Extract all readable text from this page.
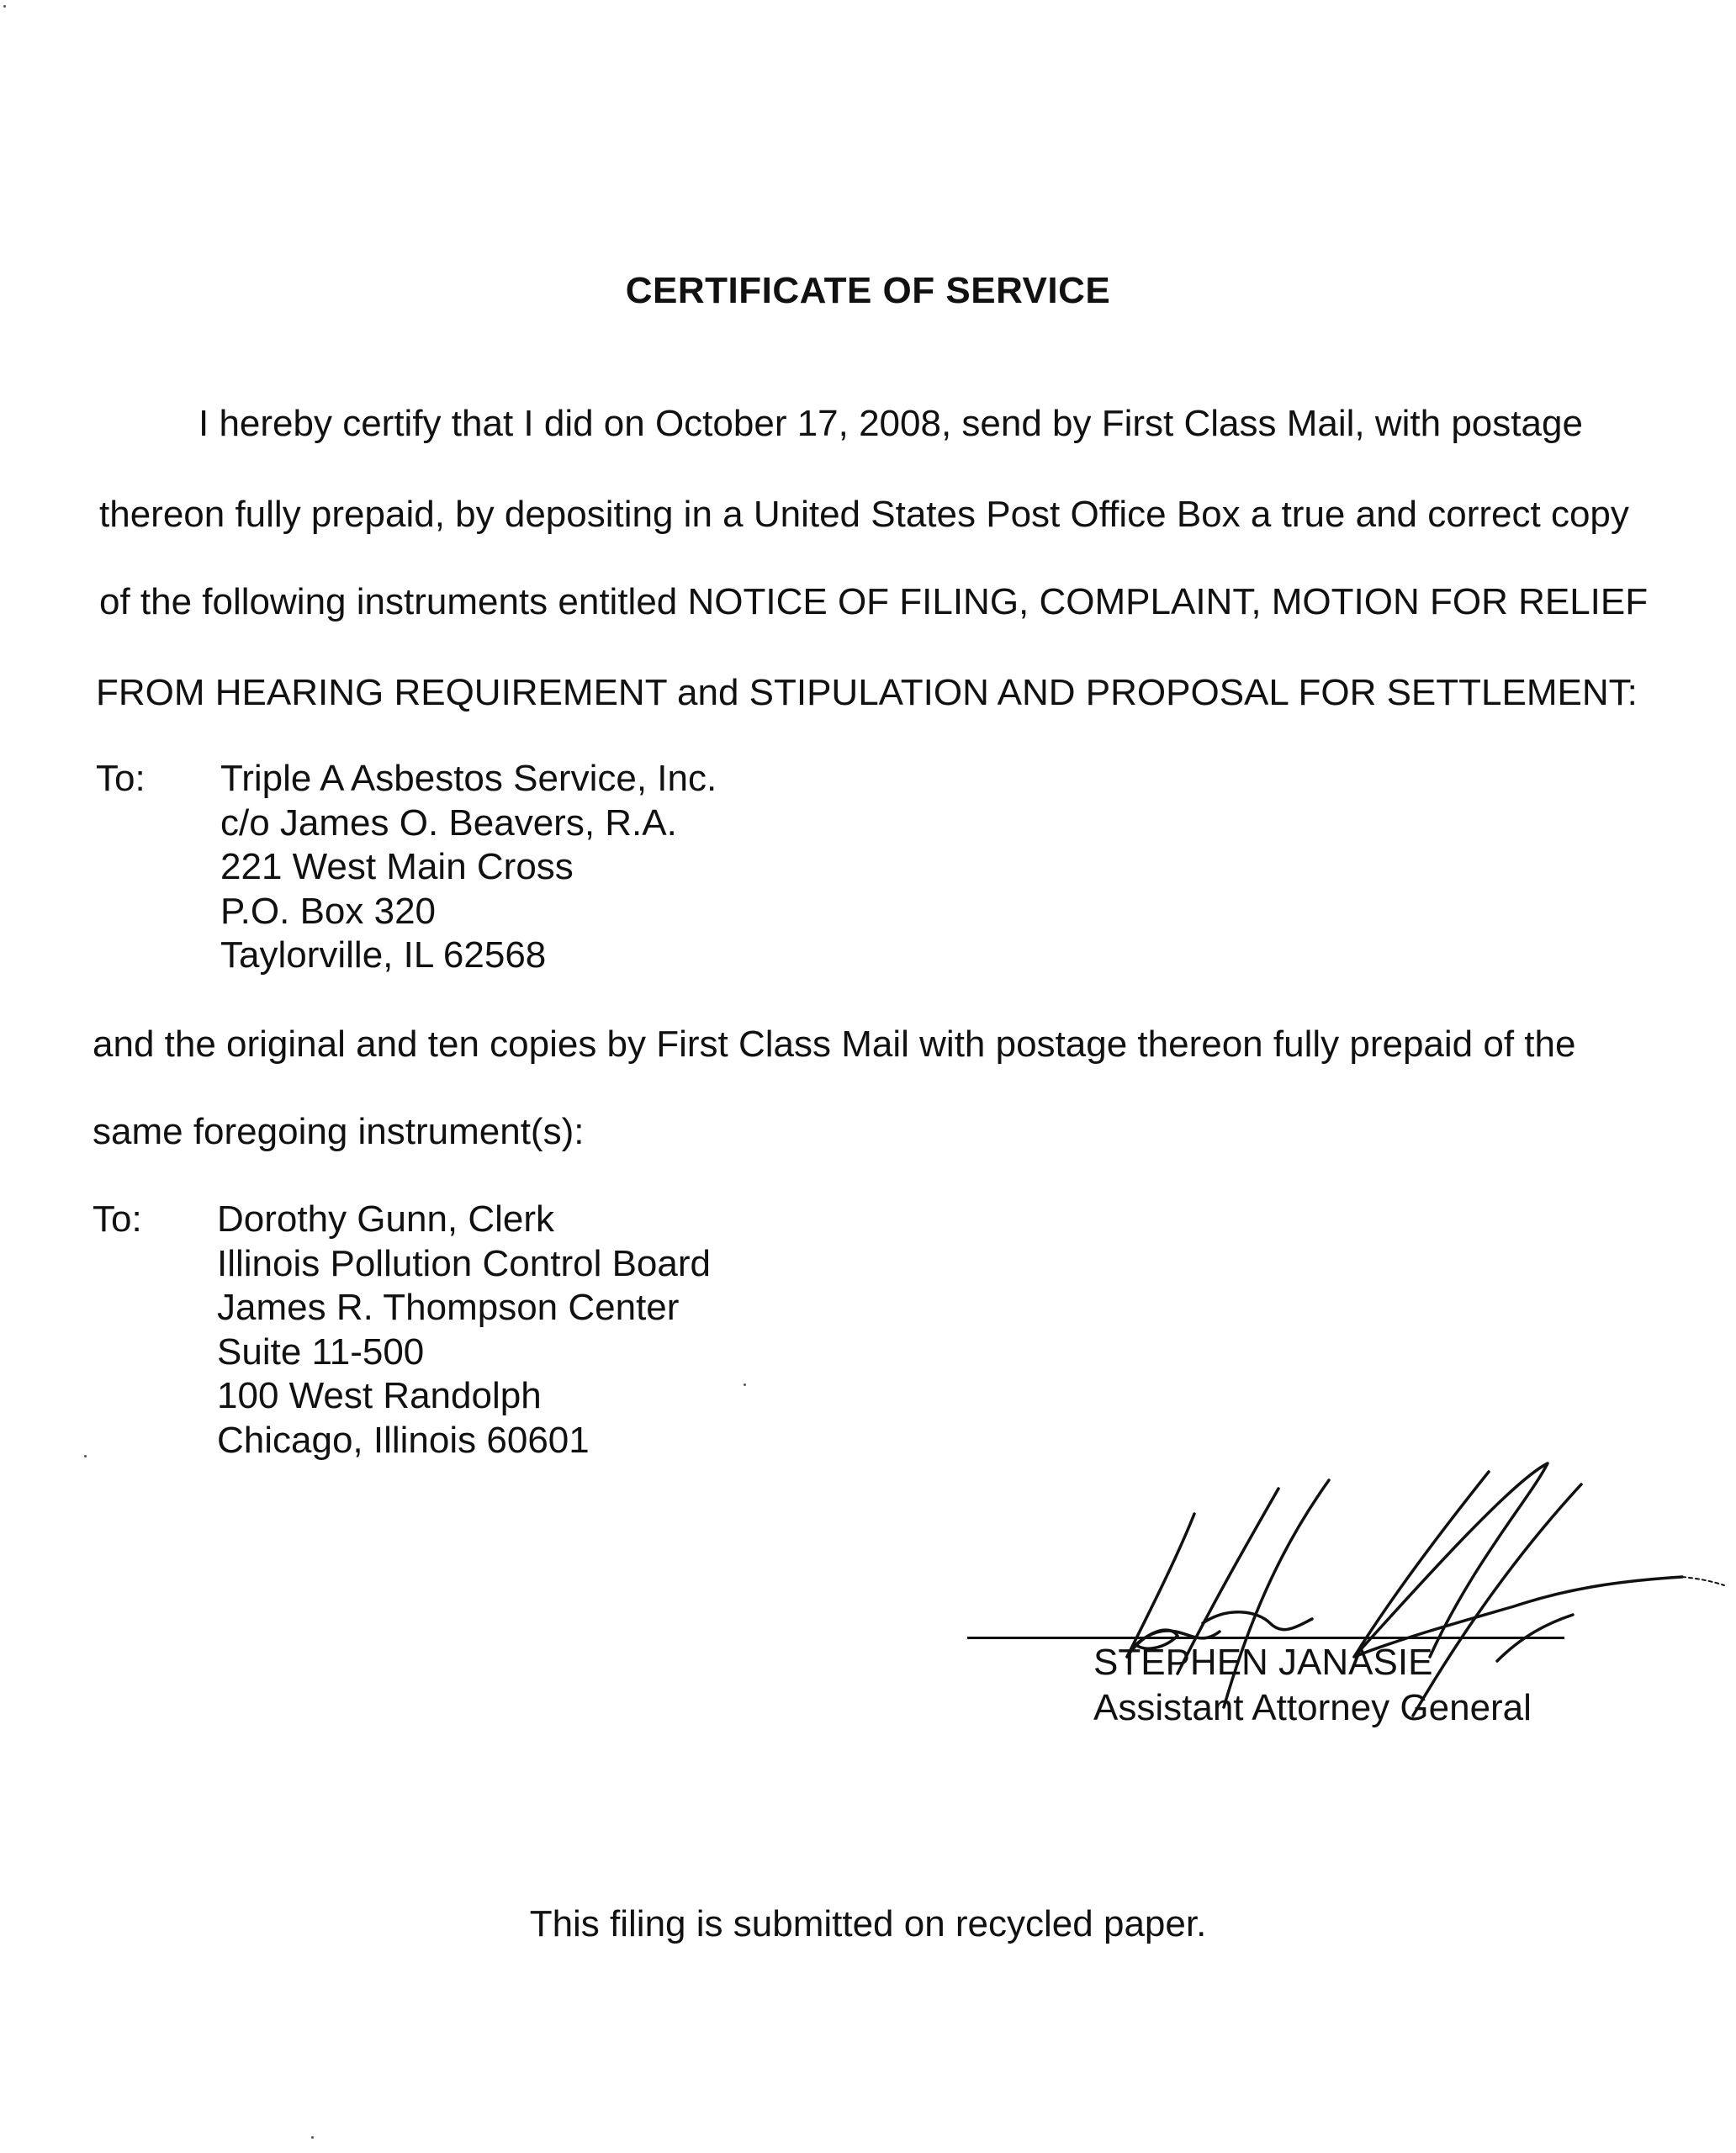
CERTIFICATE OF SERVICE
I hereby certify that I did on October 17, 2008, send by First Class Mail, with postage
thereon fully prepaid, by depositing in a United States Post Office Box a true and correct copy
of the following instruments entitled NOTICE OF FILING, COMPLAINT, MOTION FOR RELIEF
FROM HEARING REQUIREMENT and STIPULATION AND PROPOSAL FOR SETTLEMENT:
To: Triple A Asbestos Service, Inc.
c/o James O. Beavers, R.A.
221 West Main Cross
P.O. Box 320
Taylorville, IL 62568
and the original and ten copies by First Class Mail with postage thereon fully prepaid of the
same foregoing instrument(s):
To: Dorothy Gunn, Clerk
Illinois Pollution Control Board
James R. Thompson Center
Suite 11-500
100 West Randolph
Chicago, Illinois 60601
STEPHEN JANASIE
Assistant Attorney General
This filing is submitted on recycled paper.
